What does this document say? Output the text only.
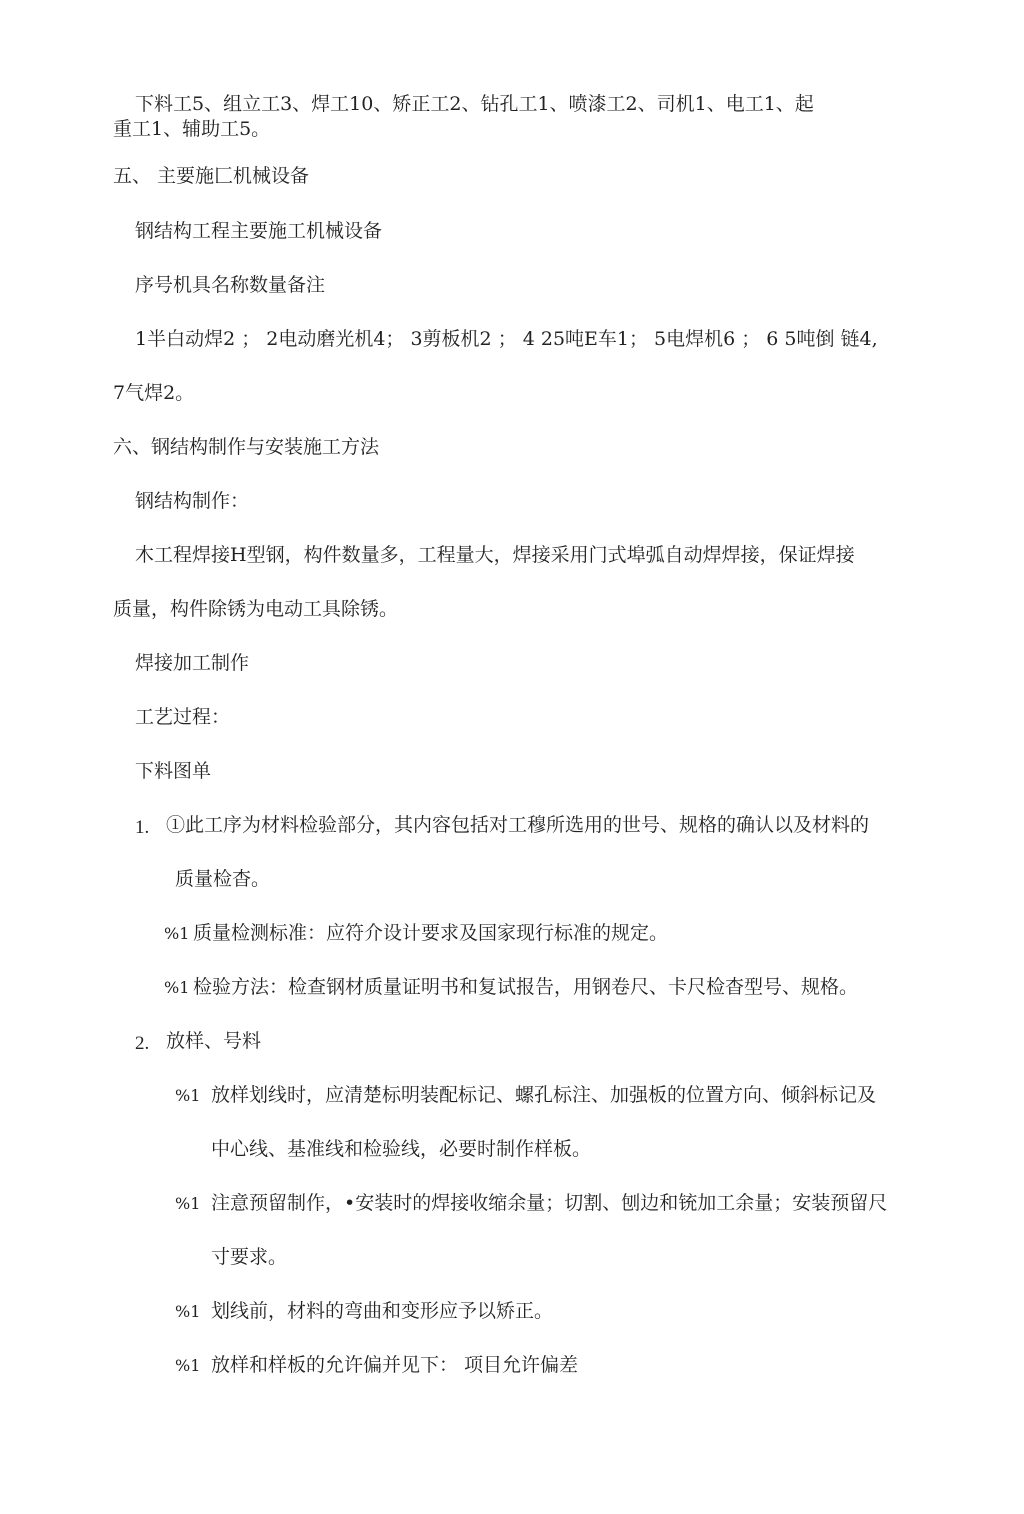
下料工5、组立工3、焊工10、矫正工2、钻孔工1、喷漆工2、司机1、电工1、起
重工1、辅助工5。
五、 主要施匚机械设备
钢结构工程主要施工机械设备
序号机具名称数量备注
1半白动焊2 ； 2电动磨光机4； 3剪板机2 ； 4 25吨E车1； 5电焊机6 ； 6 5吨倒 链4,
7气焊2。
六、钢结构制作与安装施工方法
钢结构制作：
木工程焊接H型钢，构件数量多，工程量大，焊接采用门式埠弧自动焊焊接，保证焊接
质量，构件除锈为电动工具除锈。
焊接加工制作
工艺过程：
下料图单
1. ①此工序为材料检验部分，其内容包括对工穆所选用的世号、规格的确认以及材料的
质量检杳。
%1 质量检测标准：应符介设计要求及国家现行标准的规定。
%1 检验方法：检查钢材质量证明书和复试报告，用钢卷尺、卡尺检杳型号、规格。
2. 放样、号料
%1 放样划线时，应清楚标明装配标记、螺孔标注、加强板的位置方向、倾斜标记及
中心线、基准线和检验线，必要时制作样板。
%1 注意预留制作，•安装时的焊接收缩余量；切割、刨边和铳加工余量；安装预留尺
寸要求。
%1 划线前，材料的弯曲和变形应予以矫正。
%1 放样和样板的允许偏并见下： 项目允许偏差
